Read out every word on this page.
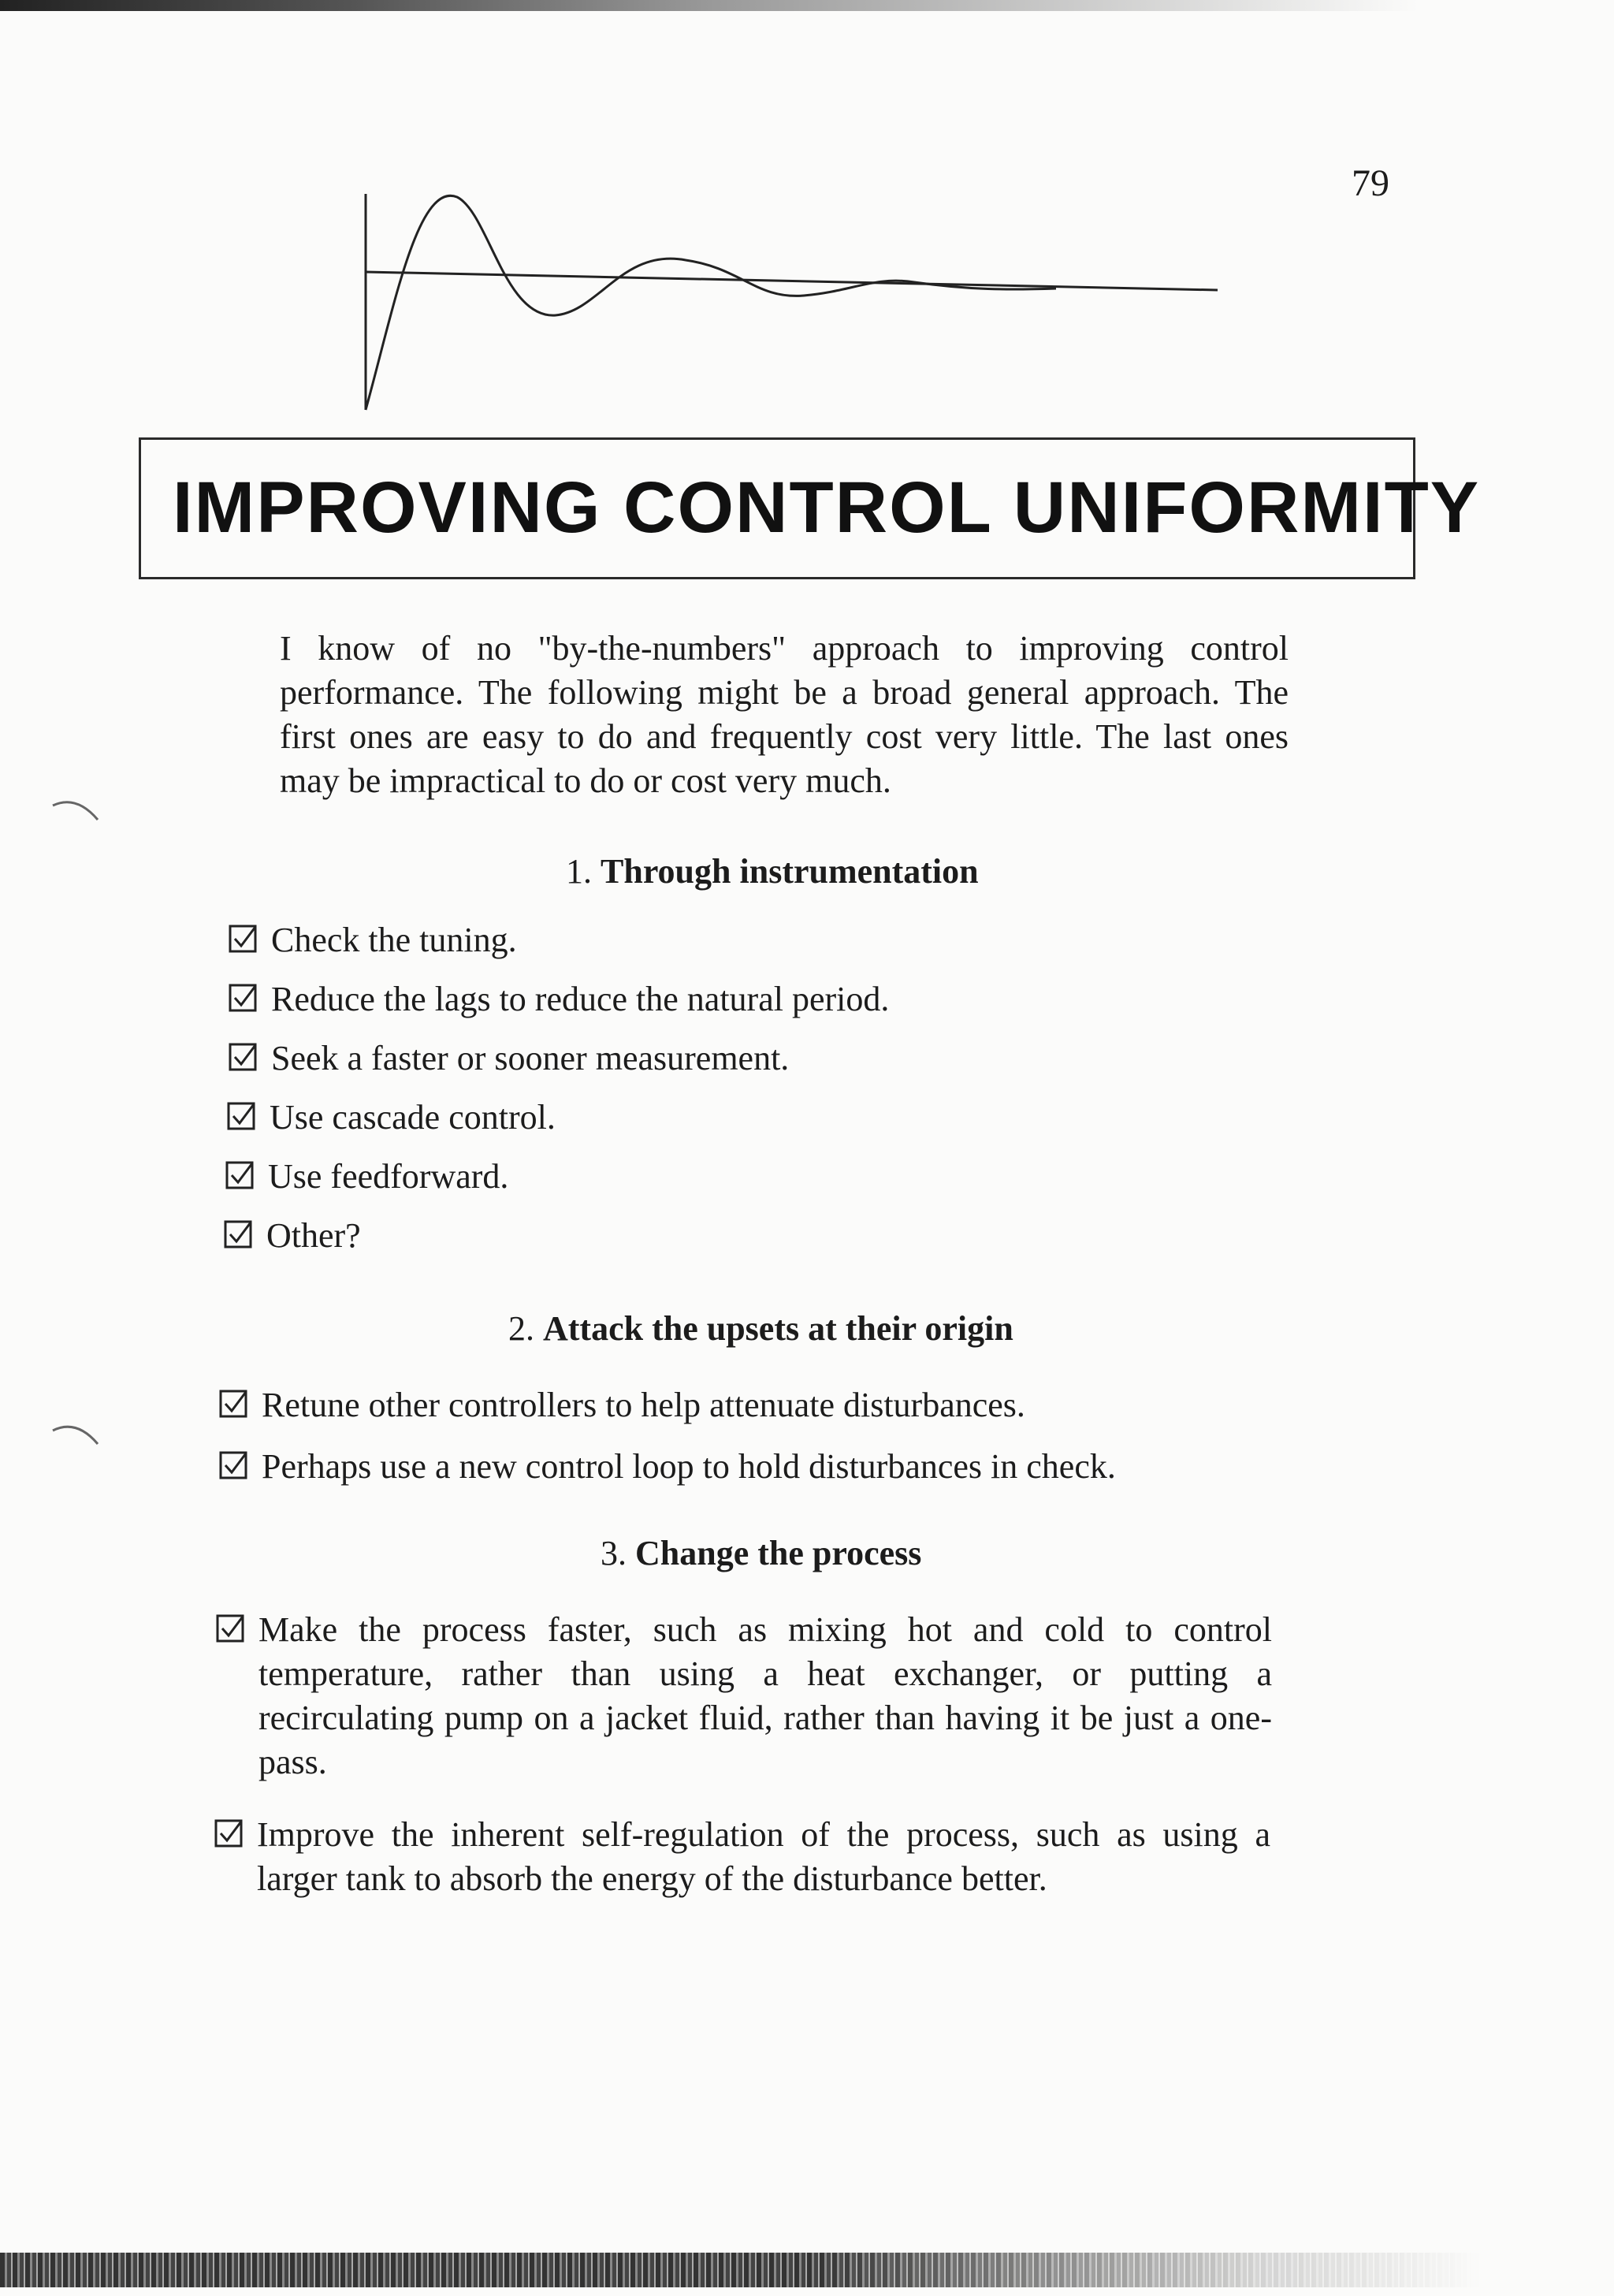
79
IMPROVING CONTROL UNIFORMITY

I know of no "by-the-numbers" approach to improving control performance. The following might be a broad general approach. The first ones are easy to do and frequently cost very little. The last ones may be impractical to do or cost very much.

1. Through instrumentation
Check the tuning.
Reduce the lags to reduce the natural period.
Seek a faster or sooner measurement.
Use cascade control.
Use feedforward.
Other?
2. Attack the upsets at their origin
Retune other controllers to help attenuate disturbances.
Perhaps use a new control loop to hold disturbances in check.
3. Change the process
Make the process faster, such as mixing hot and cold to control temperature, rather than using a heat exchanger, or putting a recirculating pump on a jacket fluid, rather than having it be just a one-pass.
Improve the inherent self-regulation of the process, such as using a larger tank to absorb the energy of the disturbance better.
